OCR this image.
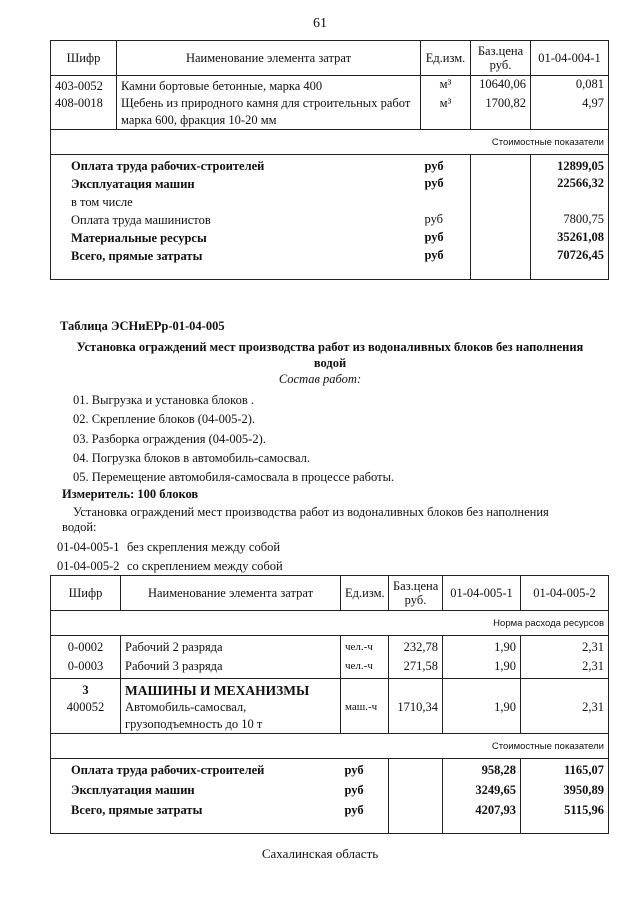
61
Шифр	Наименование элемента затрат	Ед.изм.	Баз.цена руб.	01-04-004-1
403-0052	Камни бортовые бетонные, марка 400	м³	10640,06	0,081
408-0018	Щебень из природного камня для строительных работ	м³	1700,82	4,97
	марка 600, фракция 10-20 мм			
Стоимостные показатели				
Оплата труда рабочих-строителей		руб		12899,05
Эксплуатация машин		руб		22566,32
в том числе				
Оплата труда машинистов		руб		7800,75
Материальные ресурсы		руб		35261,08
Всего, прямые затраты		руб		70726,45
Таблица ЭСНиЕРр-01-04-005
Установка ограждений мест производства работ из водоналивных блоков без наполнения
водой
Состав работ:
01. Выгрузка и установка блоков .
02. Скрепление блоков (04-005-2).
03. Разборка ограждения (04-005-2).
04. Погрузка блоков в автомобиль-самосвал.
05. Перемещение автомобиля-самосвала в процессе работы.
Измеритель: 100 блоков
Установка ограждений мест производства работ из водоналивных блоков без наполнения
водой:
01-04-005-1 без скрепления между собой
01-04-005-2 со скреплением между собой
Шифр	Наименование элемента затрат	Ед.изм.	Баз.цена руб.	01-04-005-1	01-04-005-2
Норма расхода ресурсов					
0-0002	Рабочий 2 разряда	чел.-ч	232,78	1,90	2,31
0-0003	Рабочий 3 разряда	чел.-ч	271,58	1,90	2,31
3	МАШИНЫ И МЕХАНИЗМЫ				
400052	Автомобиль-самосвал,	маш.-ч	1710,34	1,90	2,31
	грузоподъемность до 10 т				
Стоимостные показатели					
Оплата труда рабочих-строителей		руб		958,28	1165,07
Эксплуатация машин		руб		3249,65	3950,89
Всего, прямые затраты		руб		4207,93	5115,96
Сахалинская область
